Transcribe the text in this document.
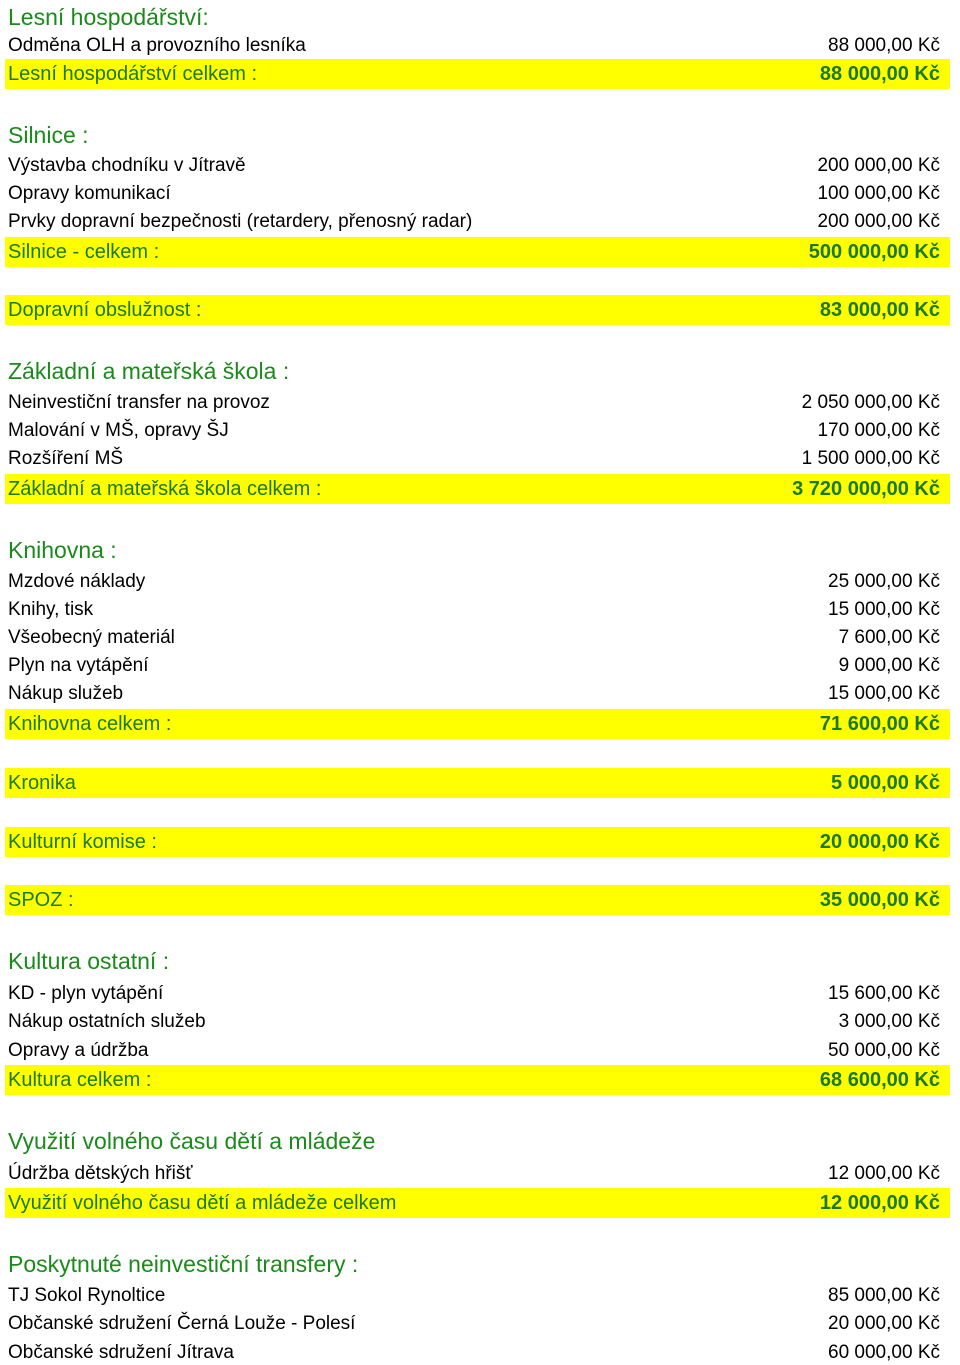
Lesní hospodářství:
Odměna OLH a provozního lesníka	88 000,00 Kč
Lesní hospodářství celkem :	88 000,00 Kč
Silnice :
Výstavba chodníku v Jítravě	200 000,00 Kč
Opravy komunikací	100 000,00 Kč
Prvky dopravní bezpečnosti (retardery, přenosný radar)	200 000,00 Kč
Silnice - celkem :	500 000,00 Kč
Dopravní obslužnost :	83 000,00 Kč
Základní a mateřská škola :
Neinvestiční transfer na provoz	2 050 000,00 Kč
Malování v MŠ, opravy ŠJ	170 000,00 Kč
Rozšíření MŠ	1 500 000,00 Kč
Základní a mateřská škola celkem :	3 720 000,00 Kč
Knihovna :
Mzdové náklady	25 000,00 Kč
Knihy, tisk	15 000,00 Kč
Všeobecný materiál	7 600,00 Kč
Plyn na vytápění	9 000,00 Kč
Nákup služeb	15 000,00 Kč
Knihovna celkem :	71 600,00 Kč
Kronika	5 000,00 Kč
Kulturní komise :	20 000,00 Kč
SPOZ :	35 000,00 Kč
Kultura ostatní :
KD - plyn vytápění	15 600,00 Kč
Nákup ostatních služeb	3 000,00 Kč
Opravy a údržba	50 000,00 Kč
Kultura celkem :	68 600,00 Kč
Využití volného času dětí a mládeže
Údržba dětských hřišť	12 000,00 Kč
Využití volného času dětí a mládeže celkem	12 000,00 Kč
Poskytnuté neinvestiční transfery :
TJ Sokol Rynoltice	85 000,00 Kč
Občanské sdružení Černá Louže - Polesí	20 000,00 Kč
Občanské sdružení Jítrava	60 000,00 Kč
